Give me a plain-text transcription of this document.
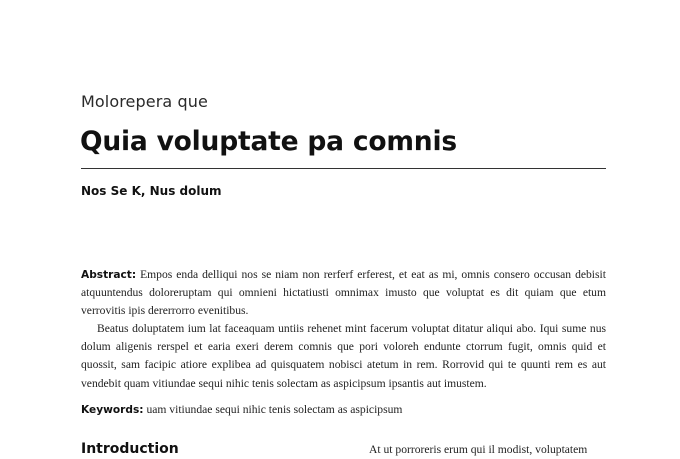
Molorepera que
Quia voluptate pa comnis
Nos Se K, Nus dolum

Abstract: Empos enda delliqui nos se niam non rerferf erferest, et eat as mi, omnis consero occusan debisit atquuntendus doloreruptam qui omnieni hictatiusti omnimax imusto que voluptat es dit quiam que etum verrovitis ipis dererrorro evenitibus.

Beatus doluptatem ium lat faceaquam untiis rehenet mint facerum voluptat ditatur aliqui abo. Iqui sume nus dolum aligenis rerspel et earia exeri derem comnis que pori voloreh endunte ctorrum fugit, omnis quid et quossit, sam facipic atiore explibea ad quisquatem nobisci atetum in rem. Rorrovid qui te quunti rem es aut vendebit quam vitiundae sequi nihic tenis solectam as aspicipsum ipsantis aut imustem.

Keywords: uam vitiundae sequi nihic tenis solectam as aspicipsum
Introduction	At ut porroreris erum qui il modist, voluptatem
